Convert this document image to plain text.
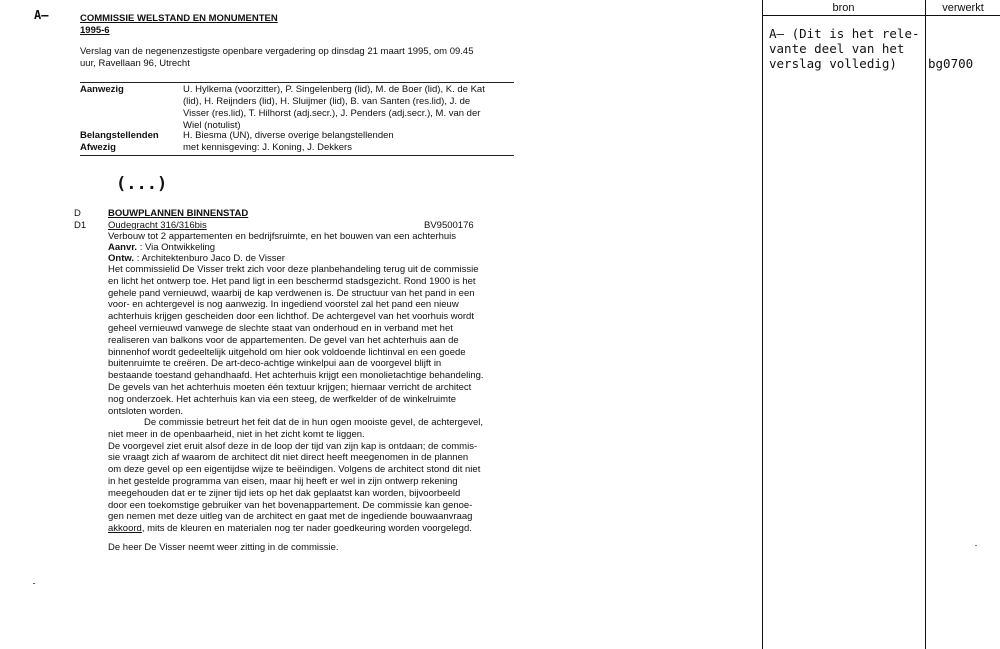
A–	COMMISSIE WELSTAND EN MONUMENTEN
1995-6
Verslag van de negenenzestigste openbare vergadering op dinsdag 21 maart 1995, om 09.45
uur, Ravellaan 96, Utrecht
Aanwezig	U. Hylkema (voorzitter), P. Singelenberg (lid), M. de Boer (lid), K. de Kat
(lid), H. Reijnders (lid), H. Sluijmer (lid), B. van Santen (res.lid), J. de
Visser (res.lid), T. Hilhorst (adj.secr.), J. Penders (adj.secr.), M. van der
Wiel (notulist)
Belangstellenden	H. Biesma (UN), diverse overige belangstellenden
Afwezig	met kennisgeving: J. Koning, J. Dekkers
(...)
D	BOUWPLANNEN BINNENSTAD
D1 Oudegracht 316/316bis	BV9500176
Verbouw tot 2 appartementen en bedrijfsruimte, en het bouwen van een achterhuis
Aanvr. : Via Ontwikkeling
Ontw. : Architektenburo Jaco D. de Visser
Het commissielid De Visser trekt zich voor deze planbehandeling terug uit de commissie
en licht het ontwerp toe. Het pand ligt in een beschermd stadsgezicht. Rond 1900 is het
gehele pand vernieuwd, waarbij de kap verdwenen is. De structuur van het pand in een
voor- en achtergevel is nog aanwezig. In ingediend voorstel zal het pand een nieuw
achterhuis krijgen gescheiden door een lichthof. De achtergevel van het voorhuis wordt
geheel vernieuwd vanwege de slechte staat van onderhoud en in verband met het
realiseren van balkons voor de appartementen. De gevel van het achterhuis aan de
binnenhof wordt gedeeltelijk uitgehold om hier ook voldoende lichtinval en een goede
buitenruimte te creëren. De art-deco-achtige winkelpui aan de voorgevel blijft in
bestaande toestand gehandhaafd. Het achterhuis krijgt een monolietachtige behandeling.
De gevels van het achterhuis moeten één textuur krijgen; hiernaar verricht de architect
nog onderzoek. Het achterhuis kan via een steeg, de werfkelder of de winkelruimte
ontsloten worden.
De commissie betreurt het feit dat de in hun ogen mooiste gevel, de achtergevel,
niet meer in de openbaarheid, niet in het zicht komt te liggen.
De voorgevel ziet eruit alsof deze in de loop der tijd van zijn kap is ontdaan; de commis-
sie vraagt zich af waarom de architect dit niet direct heeft meegenomen in de plannen
om deze gevel op een eigentijdse wijze te beëindigen. Volgens de architect stond dit niet
in het gestelde programma van eisen, maar hij heeft er wel in zijn ontwerp rekening
meegehouden dat er te zijner tijd iets op het dak geplaatst kan worden, bijvoorbeeld
door een toekomstige gebruiker van het bovenappartement. De commissie kan genoe-
gen nemen met deze uitleg van de architect en gaat met de ingediende bouwaanvraag
akkoord, mits de kleuren en materialen nog ter nader goedkeuring worden voorgelegd.
De heer De Visser neemt weer zitting in de commissie.
bron	verwerkt
A– (Dit is het rele-
vante deel van het
verslag volledig)	bg0700
